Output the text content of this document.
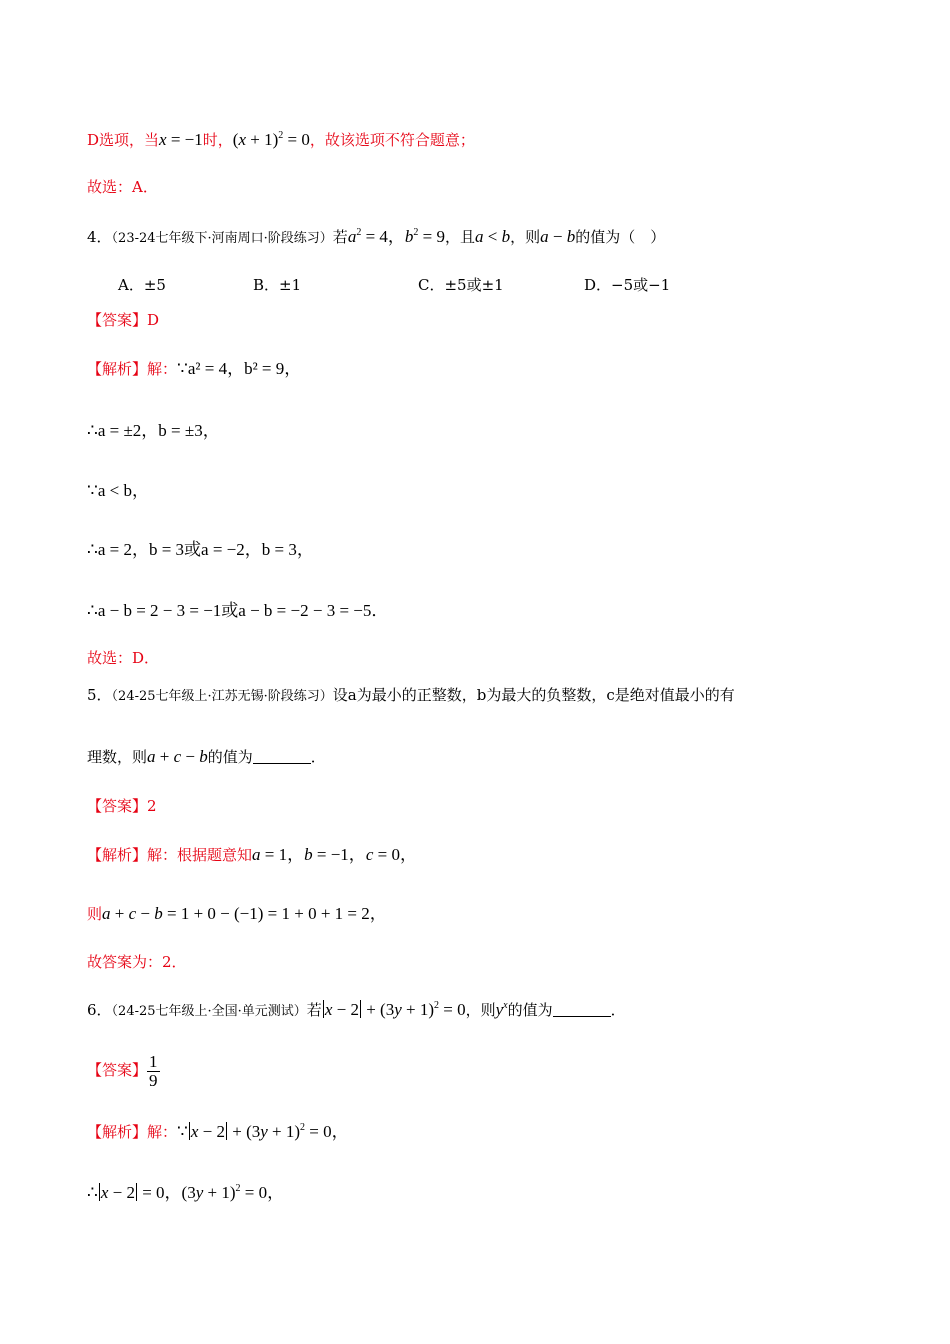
D选项，当x = −1时，$(x + 1)^2 = 0$，故该选项不符合题意；
故选：A．
4．（23-24七年级下·河南周口·阶段练习）若$a^2 = 4$，$b^2 = 9$，且a < b，则a − b的值为（　）
A．±5	B．±1	C．±5或±1	D．−5或−1
【答案】D
【解析】解：∵a² = 4，b² = 9，
∴a = ±2，b = ±3，
∵a < b，
∴a = 2，b = 3或a = −2，b = 3，
∴a − b = 2 − 3 = −1或a − b = −2 − 3 = −5．
故选：D．
5．（24-25七年级上·江苏无锡·阶段练习）设a为最小的正整数，b为最大的负整数，c是绝对值最小的有
理数，则a + c − b的值为	．
【答案】2
【解析】解：根据题意知a = 1，b = −1，c = 0，
则a + c − b = 1 + 0 − (−1) = 1 + 0 + 1 = 2，
故答案为：2．
6．（24-25七年级上·全国·单元测试）若 $x - 2 + (3y + 1)^2 = 0$，则$y^x$的值为	．
【答案】 $\frac{1}{9}$
【解析】解：∵ $x - 2 + (3y + 1)^2 = 0$，
∴ x − 2 = 0，$(3y + 1)^2 = 0$，
